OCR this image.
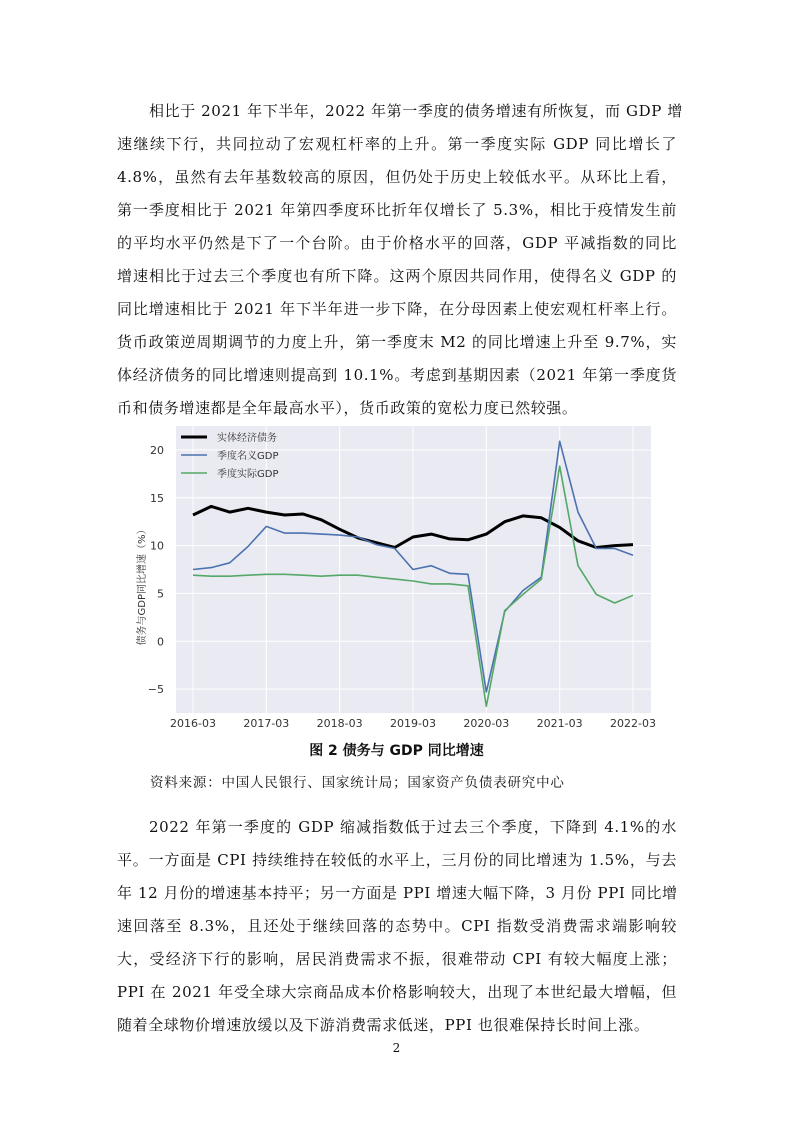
相比于 2021 年下半年，2022 年第一季度的债务增速有所恢复，而 GDP 增
速继续下行，共同拉动了宏观杠杆率的上升。第一季度实际 GDP 同比增长了
4.8%，虽然有去年基数较高的原因，但仍处于历史上较低水平。从环比上看，
第一季度相比于 2021 年第四季度环比折年仅增长了 5.3%，相比于疫情发生前
的平均水平仍然是下了一个台阶。由于价格水平的回落，GDP 平减指数的同比
增速相比于过去三个季度也有所下降。这两个原因共同作用，使得名义 GDP 的
同比增速相比于 2021 年下半年进一步下降，在分母因素上使宏观杠杆率上行。
货币政策逆周期调节的力度上升，第一季度末 M2 的同比增速上升至 9.7%，实
体经济债务的同比增速则提高到 10.1%。考虑到基期因素（2021 年第一季度货
币和债务增速都是全年最高水平），货币政策的宽松力度已然较强。
−5
0
5
10
15
20
2016-03 2017-03 2018-03 2019-03 2020-03 2021-03 2022-03
实体经济债务
季度名义GDP
季度实际GDP
债务与GDP同比增速（%）
图 2 债务与 GDP 同比增速
资料来源：中国人民银行、国家统计局；国家资产负债表研究中心
2022 年第一季度的 GDP 缩减指数低于过去三个季度，下降到 4.1%的水
平。一方面是 CPI 持续维持在较低的水平上，三月份的同比增速为 1.5%，与去
年 12 月份的增速基本持平；另一方面是 PPI 增速大幅下降，3 月份 PPI 同比增
速回落至 8.3%，且还处于继续回落的态势中。CPI 指数受消费需求端影响较
大，受经济下行的影响，居民消费需求不振，很难带动 CPI 有较大幅度上涨；
PPI 在 2021 年受全球大宗商品成本价格影响较大，出现了本世纪最大增幅，但
随着全球物价增速放缓以及下游消费需求低迷，PPI 也很难保持长时间上涨。
2
